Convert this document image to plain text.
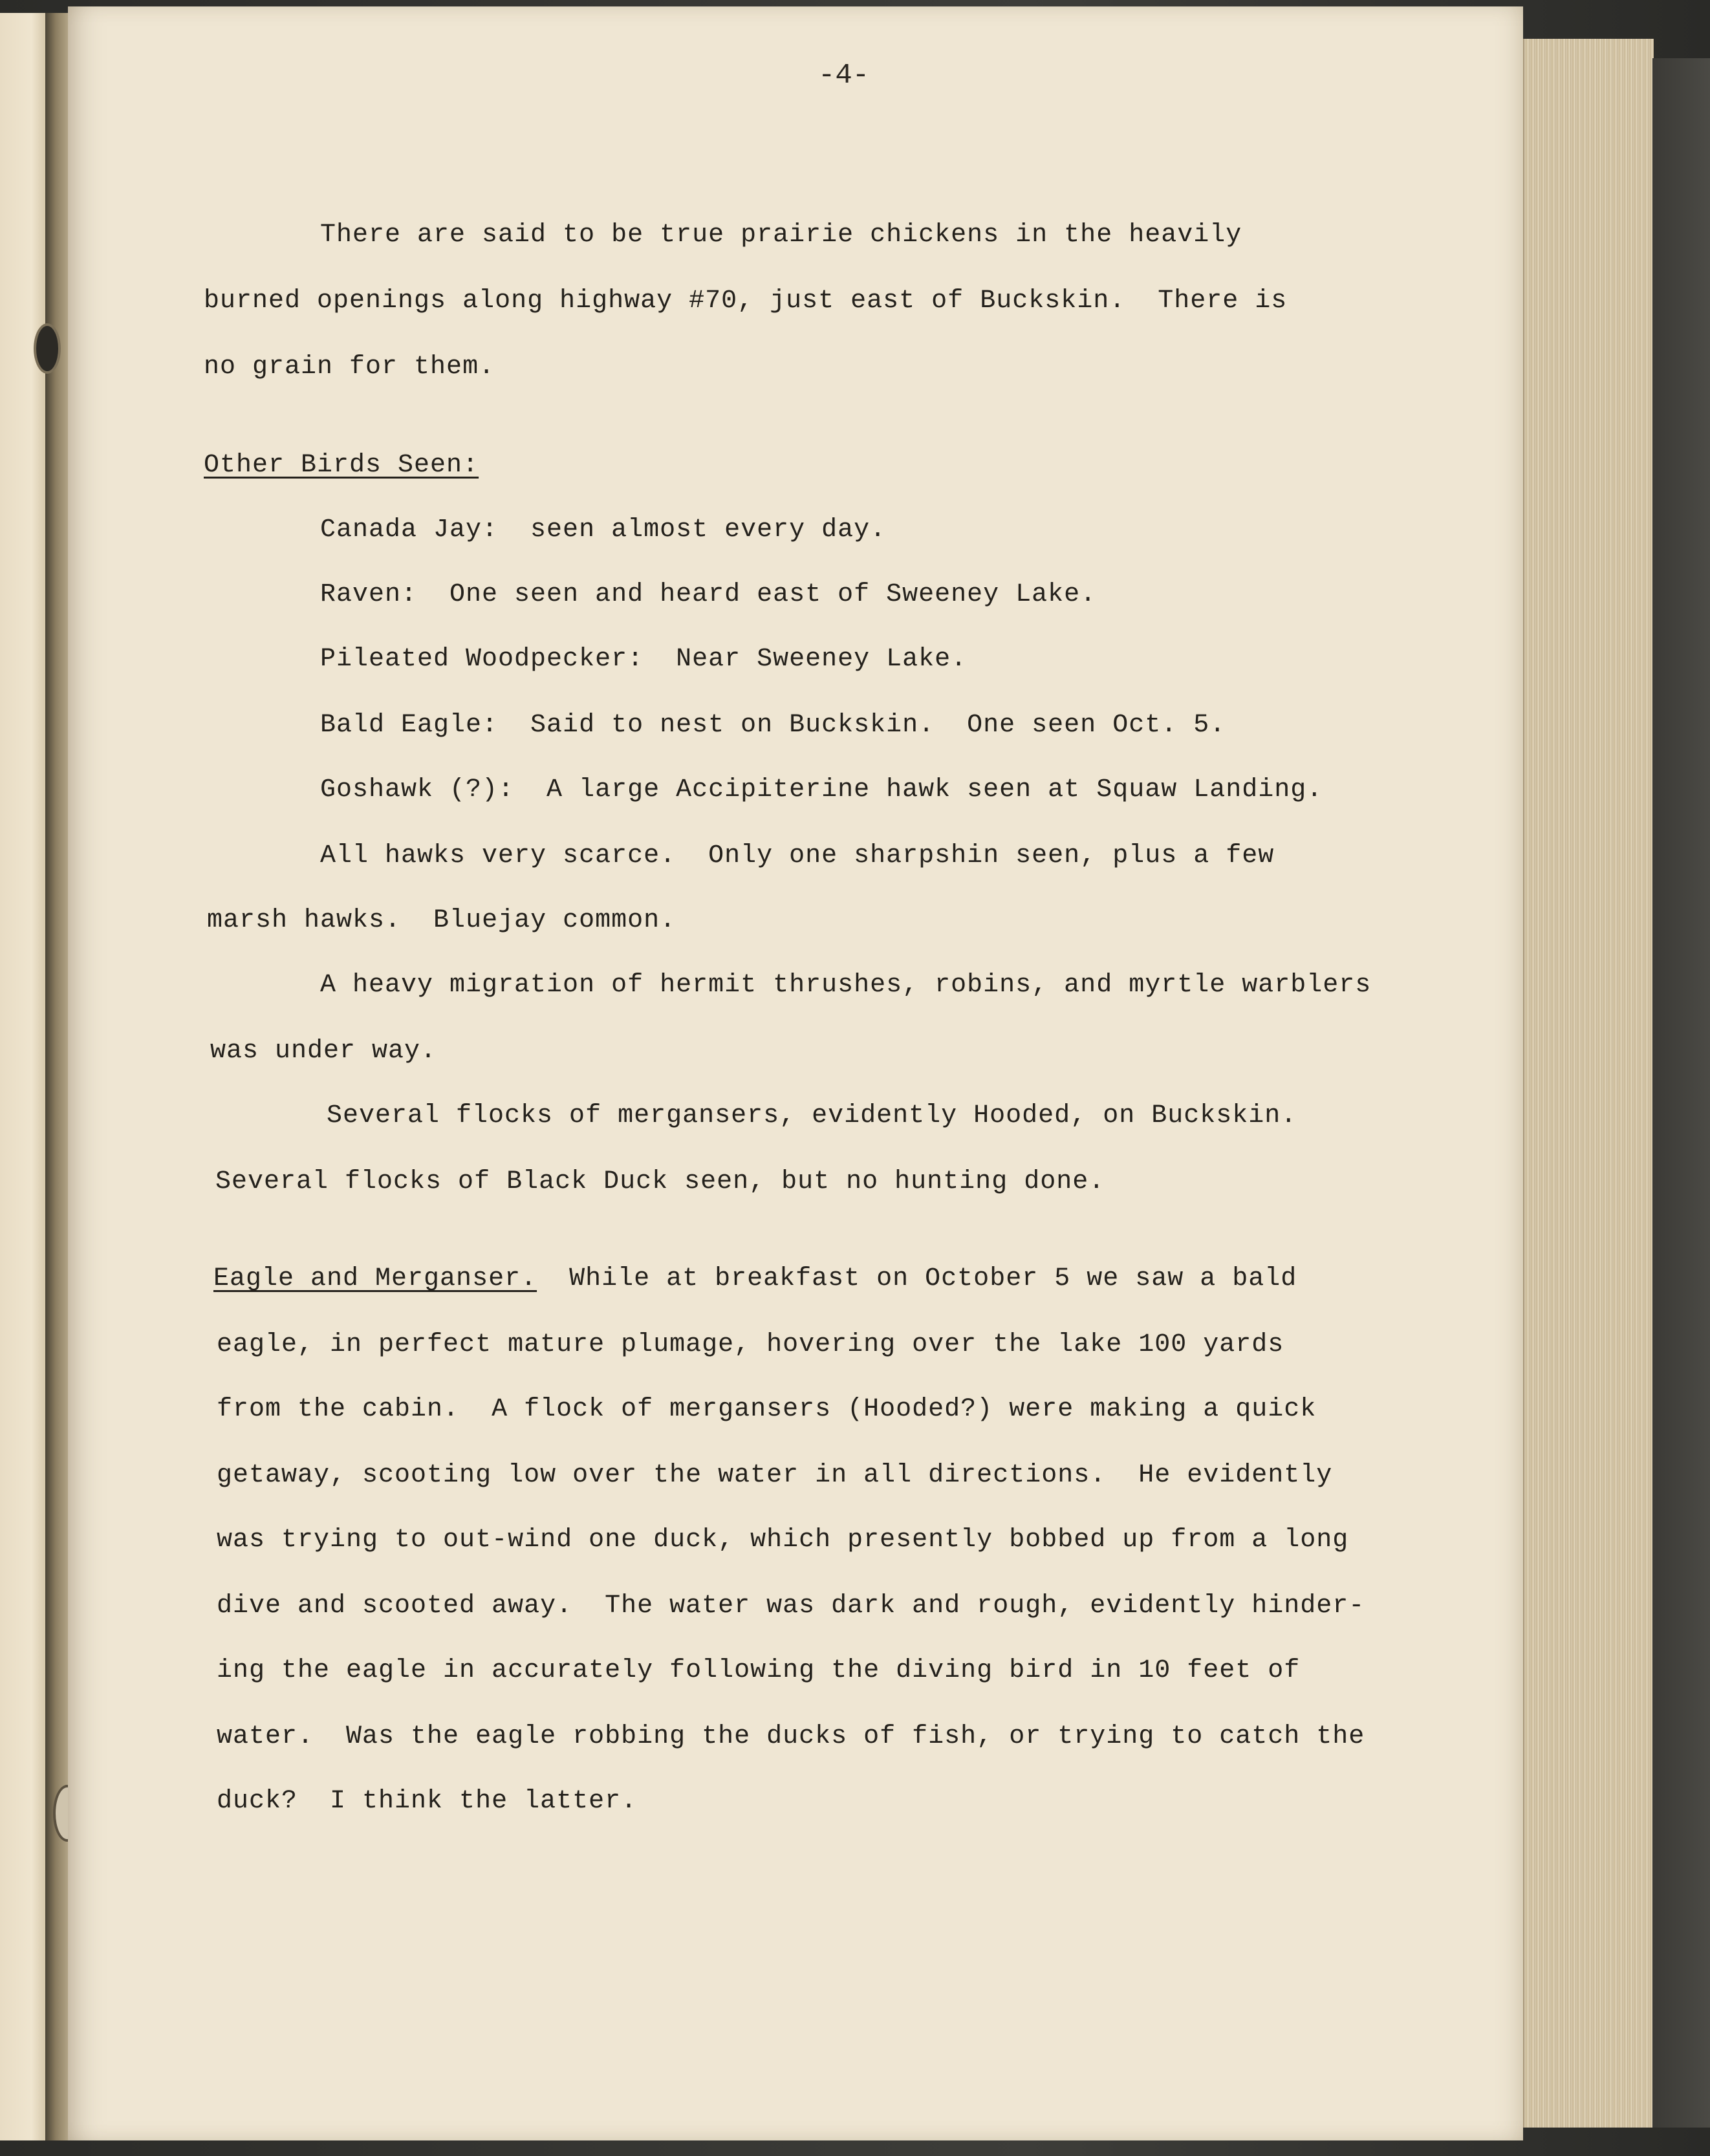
-4-
There are said to be true prairie chickens in the heavily
burned openings along highway #70, just east of Buckskin.  There is
no grain for them.
Other Birds Seen:
Canada Jay:  seen almost every day.
Raven:  One seen and heard east of Sweeney Lake.
Pileated Woodpecker:  Near Sweeney Lake.
Bald Eagle:  Said to nest on Buckskin.  One seen Oct. 5.
Goshawk (?):  A large Accipiterine hawk seen at Squaw Landing.
All hawks very scarce.  Only one sharpshin seen, plus a few
marsh hawks.  Bluejay common.
A heavy migration of hermit thrushes, robins, and myrtle warblers
was under way.
Several flocks of mergansers, evidently Hooded, on Buckskin.
Several flocks of Black Duck seen, but no hunting done.
Eagle and Merganser.  While at breakfast on October 5 we saw a bald
eagle, in perfect mature plumage, hovering over the lake 100 yards
from the cabin.  A flock of mergansers (Hooded?) were making a quick
getaway, scooting low over the water in all directions.  He evidently
was trying to out-wind one duck, which presently bobbed up from a long
dive and scooted away.  The water was dark and rough, evidently hinder-
ing the eagle in accurately following the diving bird in 10 feet of
water.  Was the eagle robbing the ducks of fish, or trying to catch the
duck?  I think the latter.
